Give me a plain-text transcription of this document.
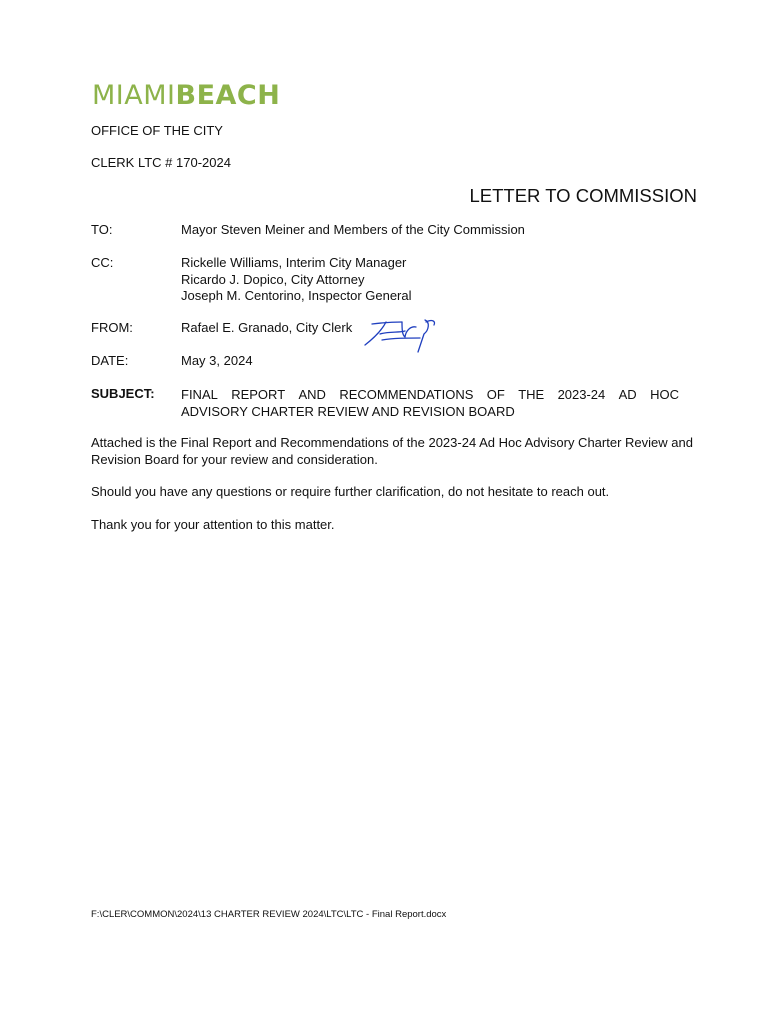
MIAMIBEACH
OFFICE OF THE CITY
CLERK LTC # 170-2024
LETTER TO COMMISSION
TO:	Mayor Steven Meiner and Members of the City Commission
CC:	Rickelle Williams, Interim City Manager
Ricardo J. Dopico, City Attorney
Joseph M. Centorino, Inspector General
FROM:	Rafael E. Granado, City Clerk
DATE:	May 3, 2024
SUBJECT: FINAL REPORT AND RECOMMENDATIONS OF THE 2023-24 AD HOC
ADVISORY CHARTER REVIEW AND REVISION BOARD
Attached is the Final Report and Recommendations of the 2023-24 Ad Hoc Advisory Charter Review and Revision Board for your review and consideration.
Should you have any questions or require further clarification, do not hesitate to reach out.
Thank you for your attention to this matter.
F:\CLER\COMMON\2024\13 CHARTER REVIEW 2024\LTC\LTC - Final Report.docx
